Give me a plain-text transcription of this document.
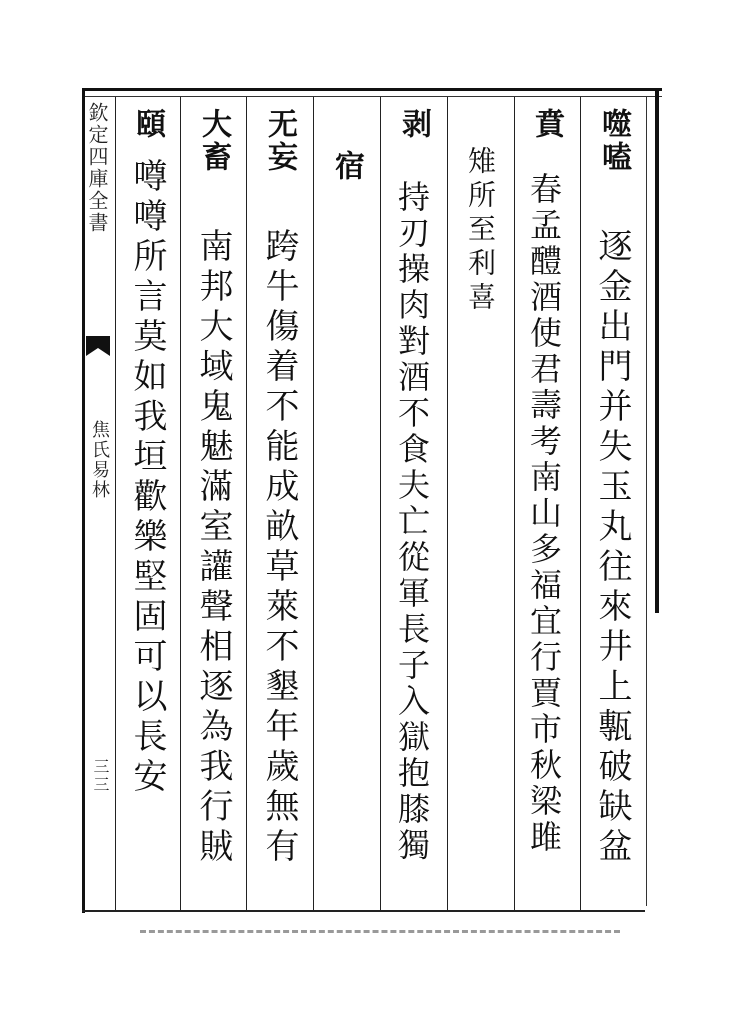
欽定四庫全書
焦氏易林
三三
噬嗑
逐金出門并失玉丸往來井上甎破缺盆
賁
春孟醴酒使君壽考南山多福宜行賈市秋梁雎
雉所至利喜
剥
持刃操肉對酒不食夫亡從軍長子入獄抱膝獨
宿
无妄
跨牛傷着不能成畝草萊不墾年歲無有
大畜
南邦大域鬼魅滿室讙聲相逐為我行賊
頤
噂噂所言莫如我垣歡樂堅固可以長安
